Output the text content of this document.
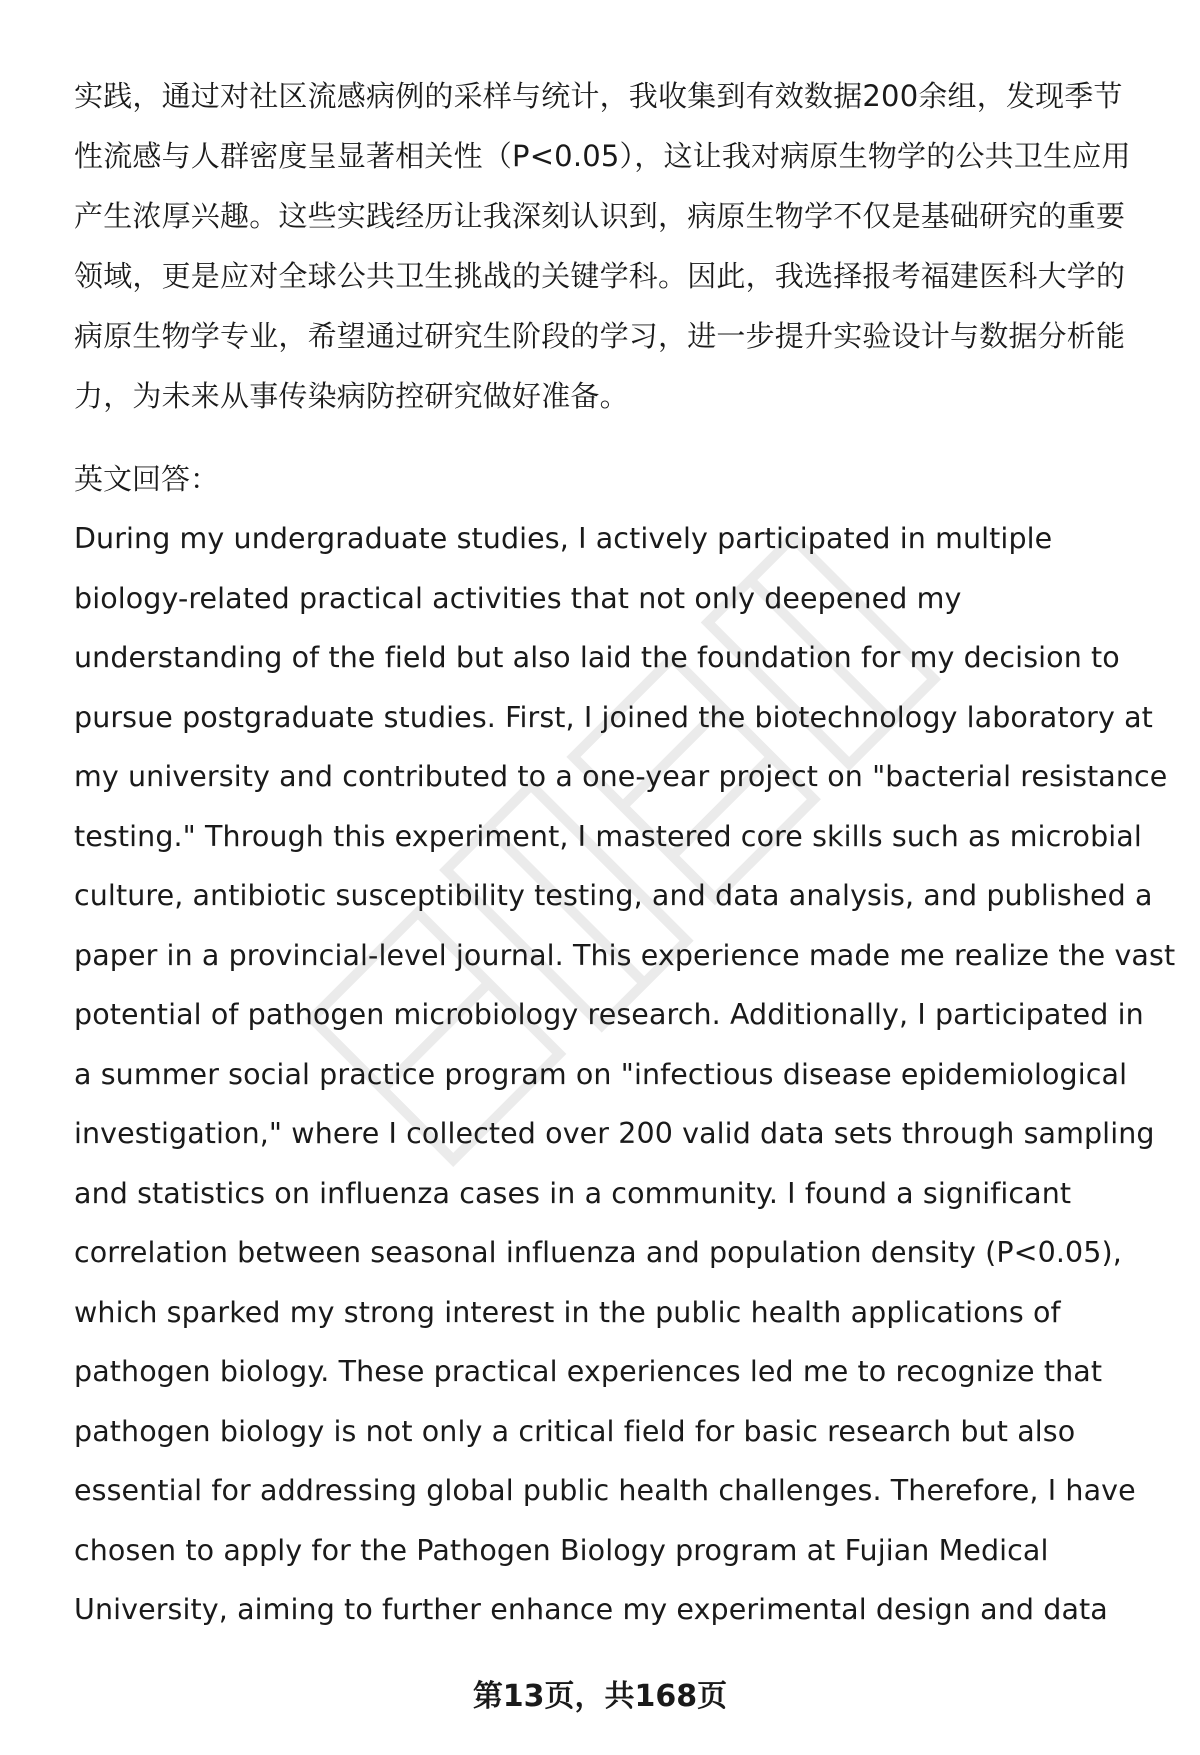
实践，通过对社区流感病例的采样与统计，我收集到有效数据200余组，发现季节
性流感与人群密度呈显著相关性（P<0.05），这让我对病原生物学的公共卫生应用
产生浓厚兴趣。这些实践经历让我深刻认识到，病原生物学不仅是基础研究的重要
领域，更是应对全球公共卫生挑战的关键学科。因此，我选择报考福建医科大学的
病原生物学专业，希望通过研究生阶段的学习，进一步提升实验设计与数据分析能
力，为未来从事传染病防控研究做好准备。

英文回答：

During my undergraduate studies, I actively participated in multiple
biology-related practical activities that not only deepened my
understanding of the field but also laid the foundation for my decision to
pursue postgraduate studies. First, I joined the biotechnology laboratory at
my university and contributed to a one-year project on "bacterial resistance
testing." Through this experiment, I mastered core skills such as microbial
culture, antibiotic susceptibility testing, and data analysis, and published a
paper in a provincial-level journal. This experience made me realize the vast
potential of pathogen microbiology research. Additionally, I participated in
a summer social practice program on "infectious disease epidemiological
investigation," where I collected over 200 valid data sets through sampling
and statistics on influenza cases in a community. I found a significant
correlation between seasonal influenza and population density (P<0.05),
which sparked my strong interest in the public health applications of
pathogen biology. These practical experiences led me to recognize that
pathogen biology is not only a critical field for basic research but also
essential for addressing global public health challenges. Therefore, I have
chosen to apply for the Pathogen Biology program at Fujian Medical
University, aiming to further enhance my experimental design and data

第13页，共168页
